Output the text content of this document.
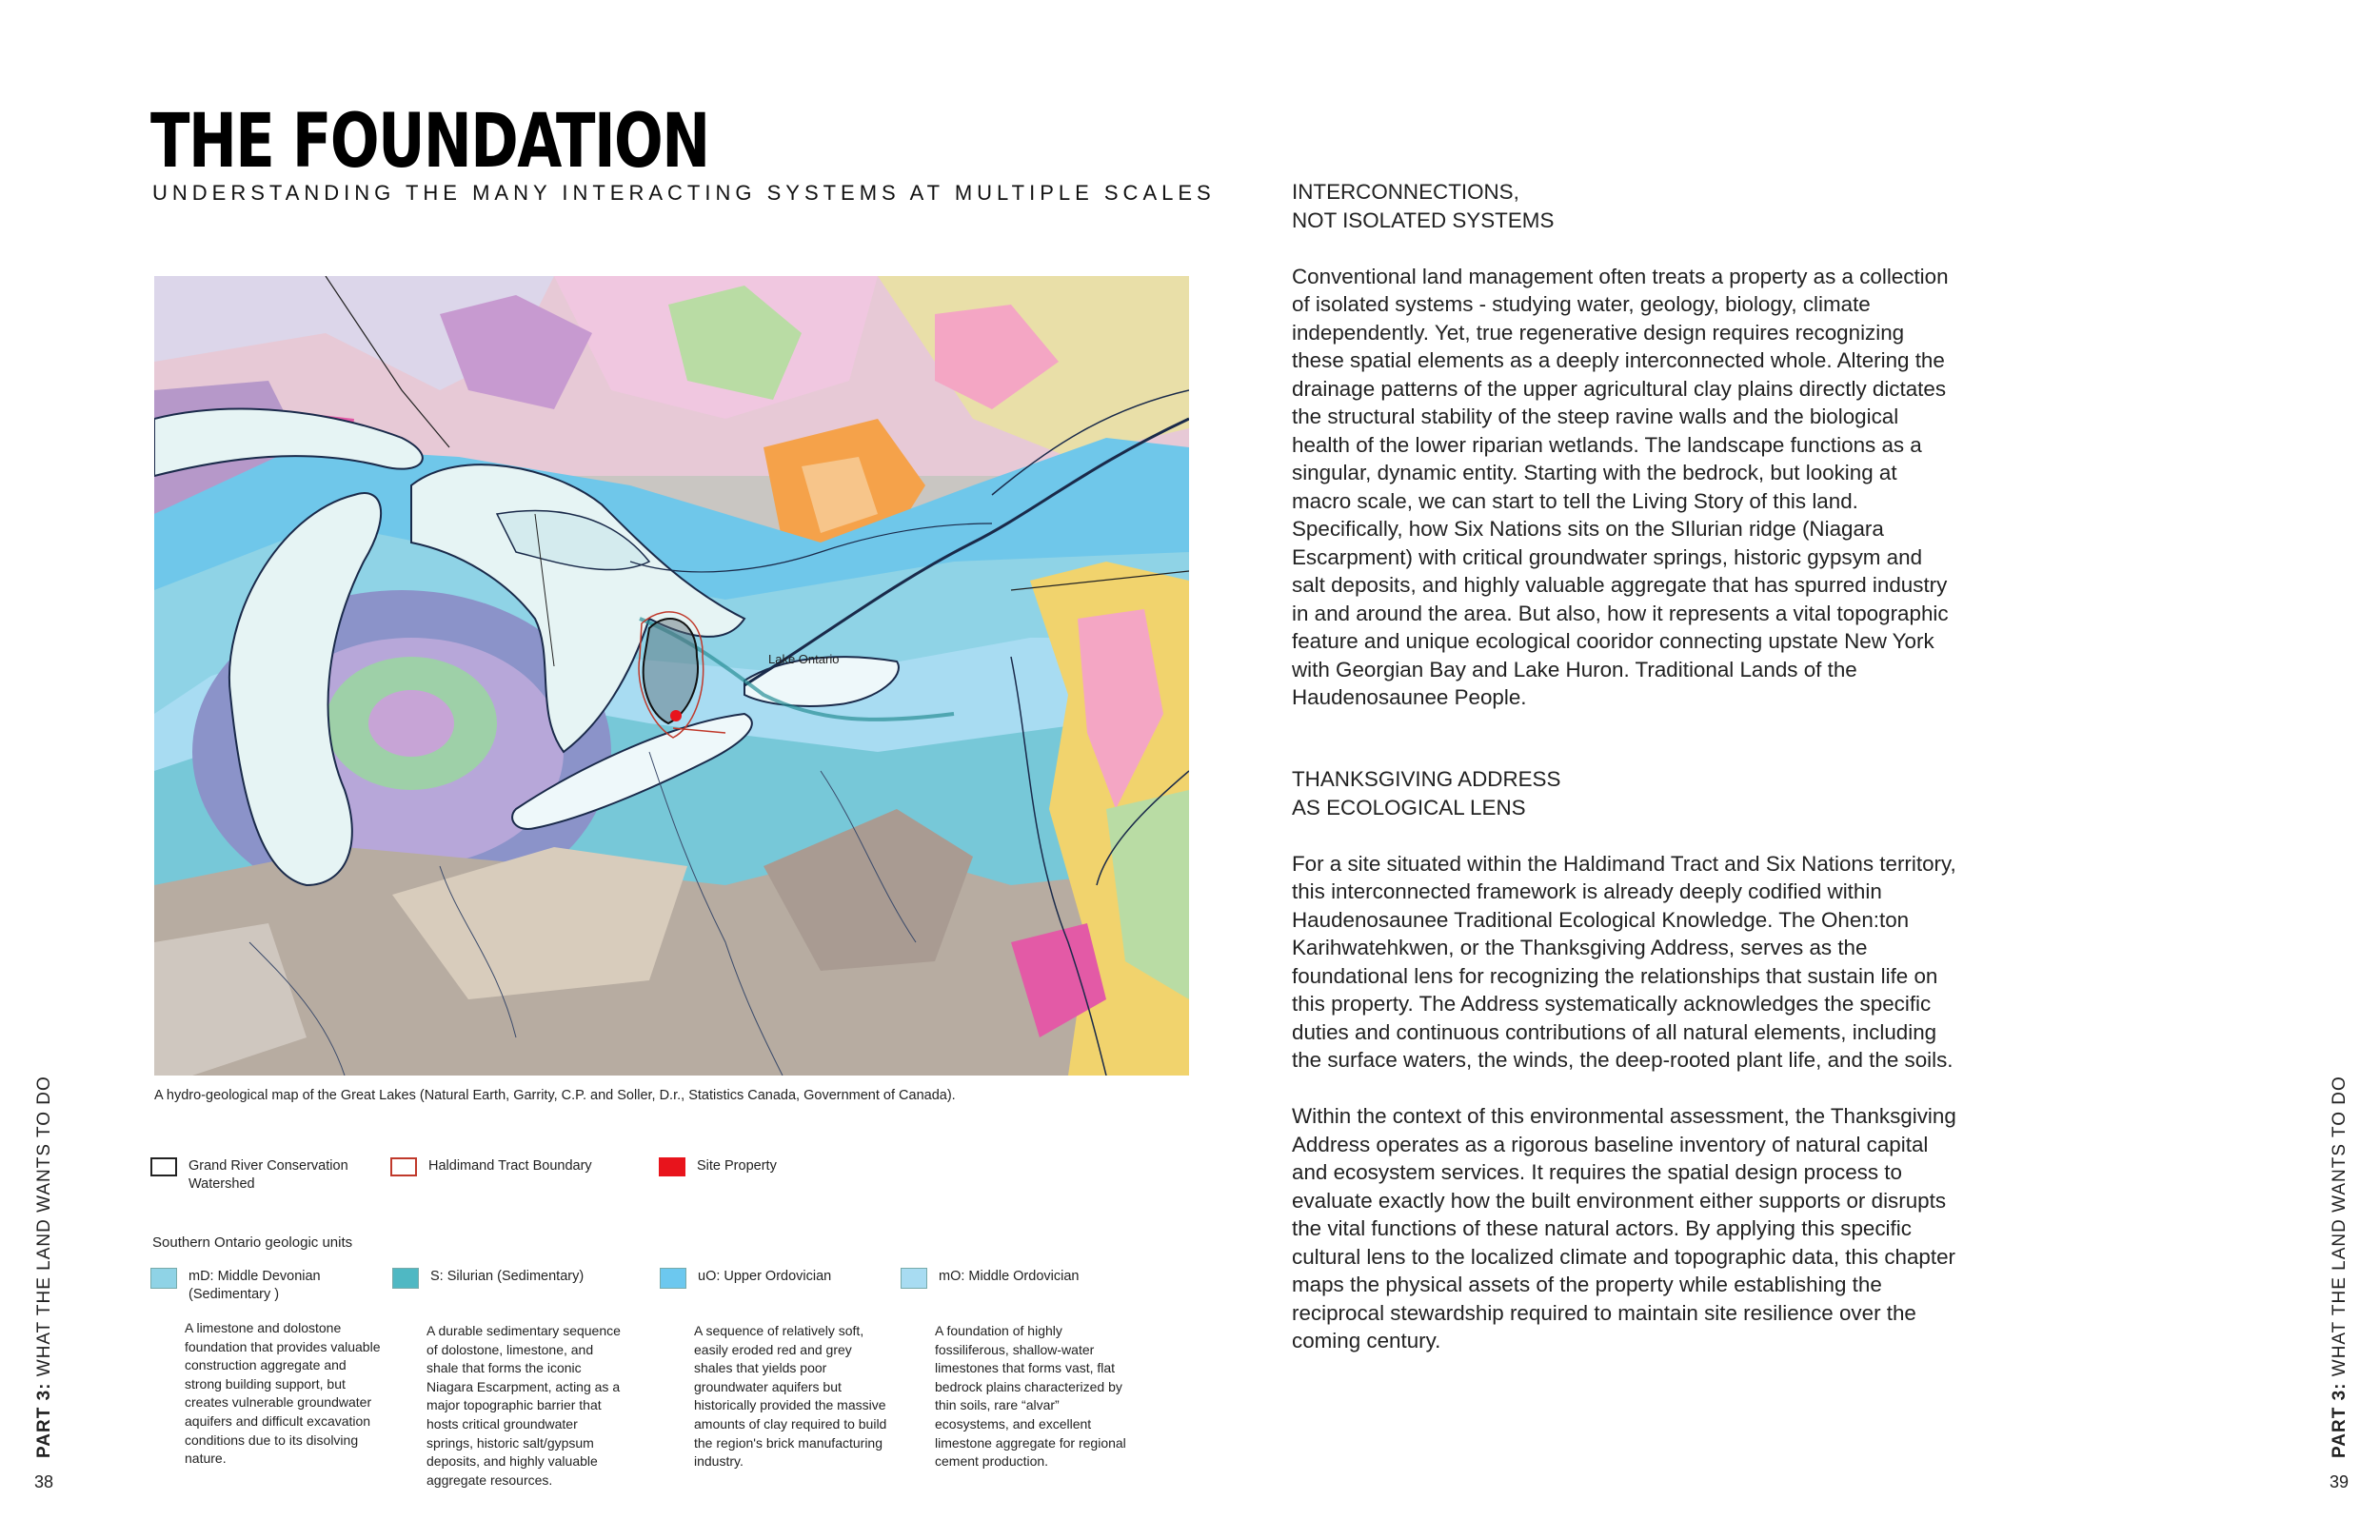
THE FOUNDATION
UNDERSTANDING THE MANY INTERACTING SYSTEMS AT MULTIPLE SCALES
Lake Ontario
A hydro-geological map of the Great Lakes (Natural Earth, Garrity, C.P. and Soller, D.r., Statistics Canada, Government of Canada).
Grand River Conservation Watershed
Haldimand Tract Boundary	Site Property
Southern Ontario geologic units
mD: Middle Devonian (Sedimentary )
A limestone and dolostone foundation that provides valuable construction aggregate and strong building support, but creates vulnerable groundwater aquifers and difficult excavation conditions due to its disolving nature.
S: Silurian (Sedimentary)
A durable sedimentary sequence of dolostone, limestone, and shale that forms the iconic Niagara Escarpment, acting as a major topographic barrier that hosts critical groundwater springs, historic salt/gypsum deposits, and highly valuable aggregate resources.
uO: Upper Ordovician
A sequence of relatively soft, easily eroded red and grey shales that yields poor groundwater aquifers but historically provided the massive amounts of clay required to build the region's brick manufacturing industry.
mO: Middle Ordovician
A foundation of highly fossiliferous, shallow-water limestones that forms vast, flat bedrock plains characterized by thin soils, rare “alvar” ecosystems, and excellent limestone aggregate for regional cement production.
PART 3: WHAT THE LAND WANTS TO DO
38
PART 3: WHAT THE LAND WANTS TO DO
39

INTERCONNECTIONS,

NOT ISOLATED SYSTEMS

Conventional land management often treats a property as a collection of isolated systems - studying water, geology, biology, climate independently. Yet, true regenerative design requires recognizing these spatial elements as a deeply interconnected whole. Altering the drainage patterns of the upper agricultural clay plains directly dictates the structural stability of the steep ravine walls and the biological health of the lower riparian wetlands. The landscape functions as a singular, dynamic entity. Starting with the bedrock, but looking at macro scale, we can start to tell the Living Story of this land. Specifically, how Six Nations sits on the SIlurian ridge (Niagara Escarpment) with critical groundwater springs, historic gypsym and salt deposits, and highly valuable aggregate that has spurred industry in and around the area. But also, how it represents a vital topographic feature and unique ecological cooridor connecting upstate New York with Georgian Bay and Lake Huron. Traditional Lands of the Haudenosaunee People.

THANKSGIVING ADDRESS

AS ECOLOGICAL LENS

For a site situated within the Haldimand Tract and Six Nations territory, this interconnected framework is already deeply codified within Haudenosaunee Traditional Ecological Knowledge. The Ohen:ton Karihwatehkwen, or the Thanksgiving Address, serves as the foundational lens for recognizing the relationships that sustain life on this property. The Address systematically acknowledges the specific duties and continuous contributions of all natural elements, including the surface waters, the winds, the deep-rooted plant life, and the soils.

Within the context of this environmental assessment, the Thanksgiving Address operates as a rigorous baseline inventory of natural capital and ecosystem services. It requires the spatial design process to evaluate exactly how the built environment either supports or disrupts the vital functions of these natural actors. By applying this specific cultural lens to the localized climate and topographic data, this chapter maps the physical assets of the property while establishing the reciprocal stewardship required to maintain site resilience over the coming century.
